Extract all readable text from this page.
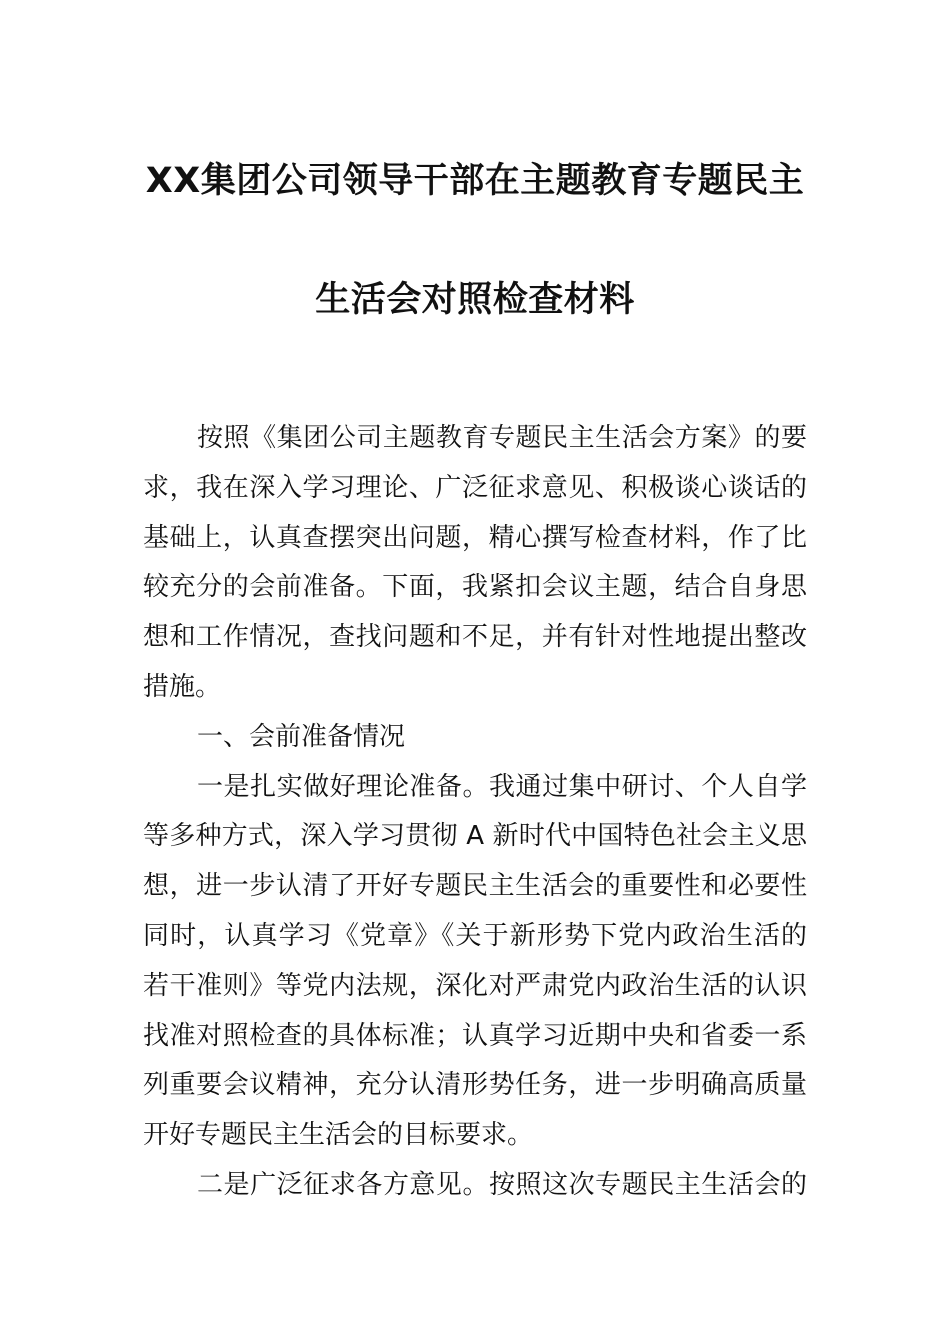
XX集团公司领导干部在主题教育专题民主
生活会对照检查材料
按照《集团公司主题教育专题民主生活会方案》的要
求，我在深入学习理论、广泛征求意见、积极谈心谈话的
基础上，认真查摆突出问题，精心撰写检查材料，作了比
较充分的会前准备。下面，我紧扣会议主题，结合自身思
想和工作情况，查找问题和不足，并有针对性地提出整改
措施。
一、会前准备情况
一是扎实做好理论准备。我通过集中研讨、个人自学
等多种方式，深入学习贯彻 A 新时代中国特色社会主义思
想，进一步认清了开好专题民主生活会的重要性和必要性
同时，认真学习《党章》《关于新形势下党内政治生活的
若干准则》等党内法规，深化对严肃党内政治生活的认识
找准对照检查的具体标准；认真学习近期中央和省委一系
列重要会议精神，充分认清形势任务，进一步明确高质量
开好专题民主生活会的目标要求。
二是广泛征求各方意见。按照这次专题民主生活会的
